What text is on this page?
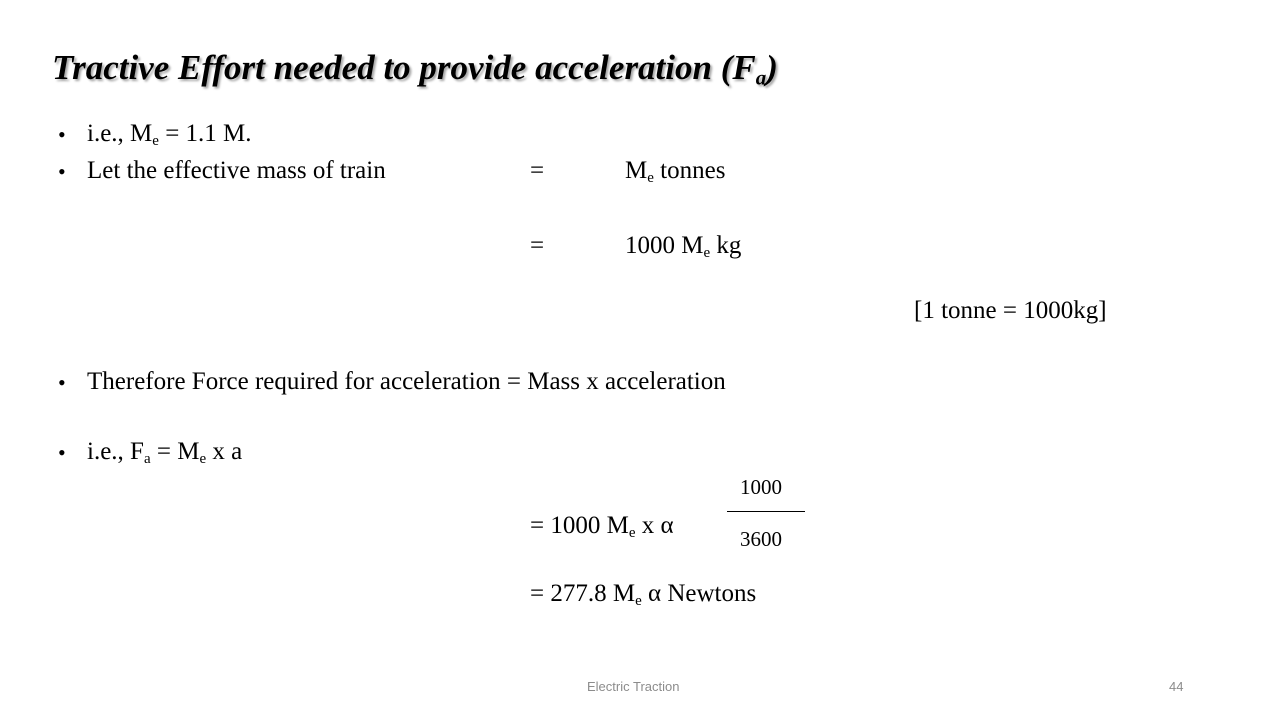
Tractive Effort needed to provide acceleration $(F_a)$
• i.e., $M_e = 1.1$ M.
• Let the effective mass of train	=	$M_e$ tonnes
=	1000 $M_e$ kg
[1 tonne = 1000kg]
• Therefore Force required for acceleration = Mass x acceleration
• i.e., $F_a = M_e$ x a
1000
3600
= 1000 $M_e$ x α
= 277.8 $M_e$ α Newtons
Electric Traction	44
